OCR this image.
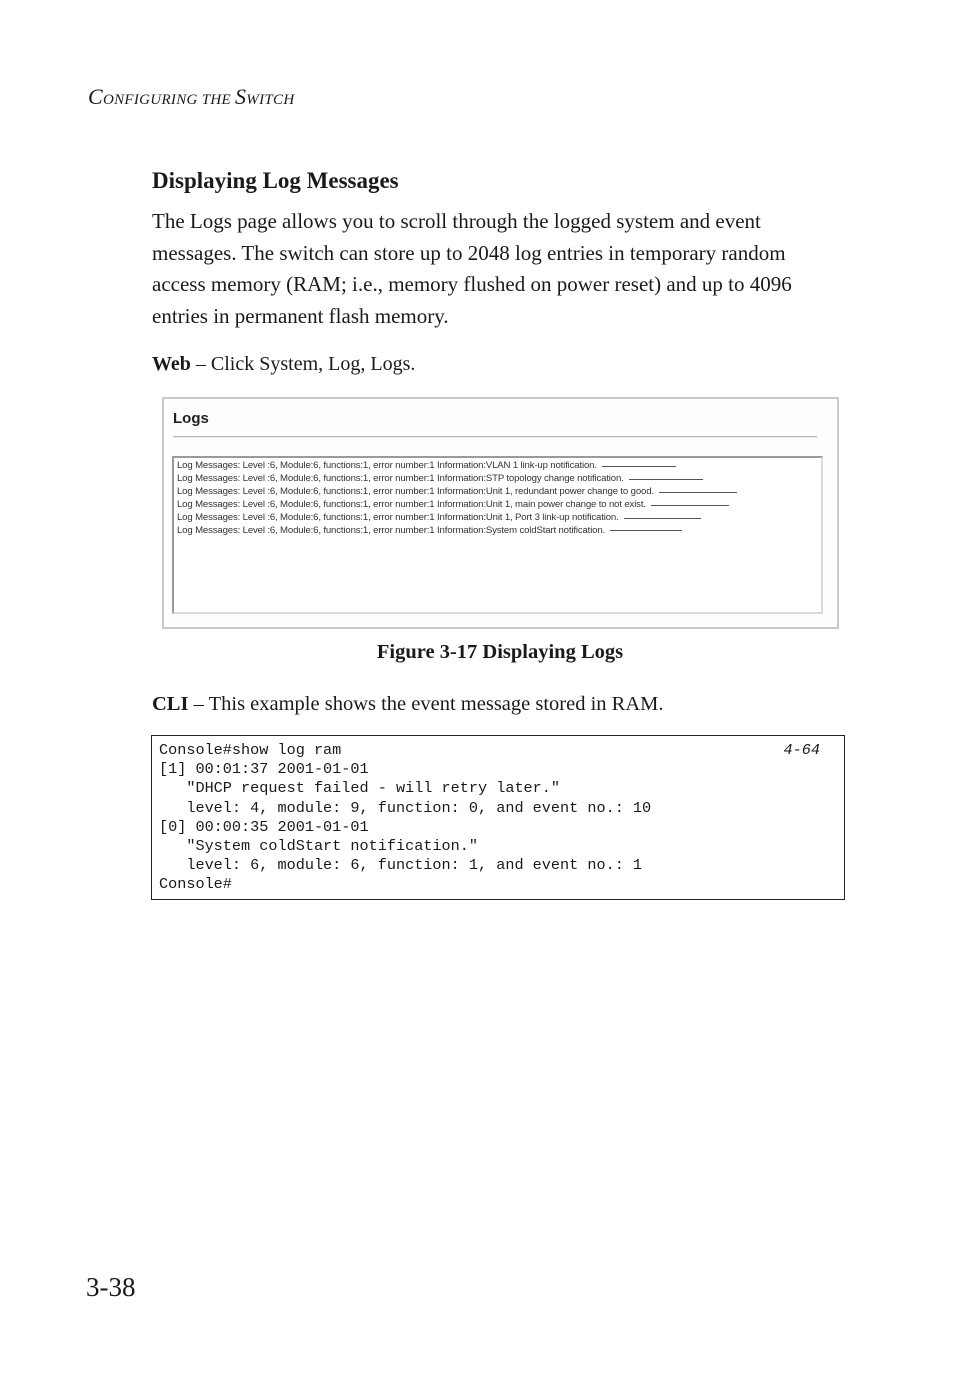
CONFIGURING THE SWITCH
Displaying Log Messages

The Logs page allows you to scroll through the logged system and event messages. The switch can store up to 2048 log entries in temporary random access memory (RAM; i.e., memory flushed on power reset) and up to 4096 entries in permanent flash memory.

Web – Click System, Log, Logs.

Logs
Log Messages: Level :6, Module:6, functions:1, error number:1 Information:VLAN 1 link-up notification.
Log Messages: Level :6, Module:6, functions:1, error number:1 Information:STP topology change notification.
Log Messages: Level :6, Module:6, functions:1, error number:1 Information:Unit 1, redundant power change to good.
Log Messages: Level :6, Module:6, functions:1, error number:1 Information:Unit 1, main power change to not exist.
Log Messages: Level :6, Module:6, functions:1, error number:1 Information:Unit 1, Port 3 link-up notification.
Log Messages: Level :6, Module:6, functions:1, error number:1 Information:System coldStart notification.

Figure 3-17 Displaying Logs

CLI – This example shows the event message stored in RAM.

Console#show log ram
[1] 00:01:37 2001-01-01
"DHCP request failed - will retry later."
level: 4, module: 9, function: 0, and event no.: 10
[0] 00:00:35 2001-01-01
"System coldStart notification."
level: 6, module: 6, function: 1, and event no.: 1
Console#
4-64
3-38
